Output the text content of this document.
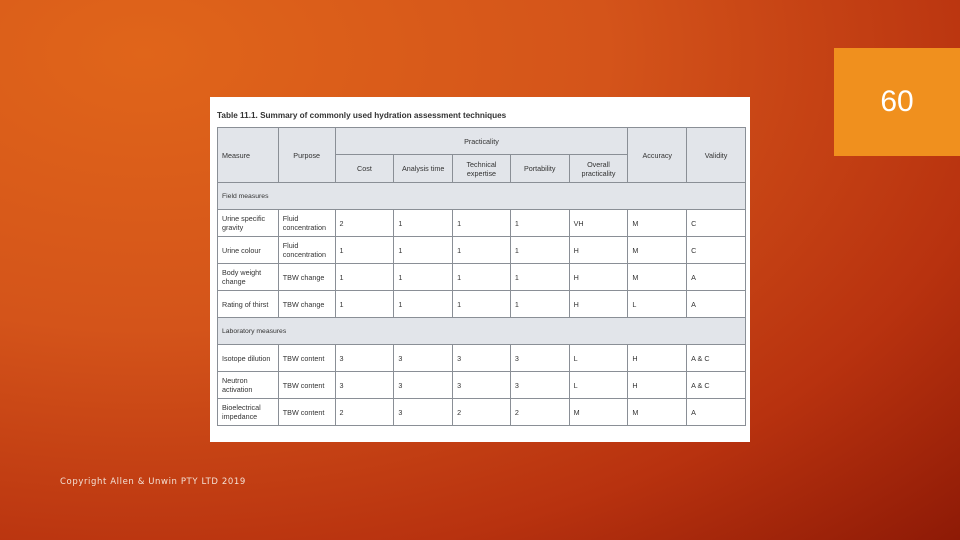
60
Table 11.1. Summary of commonly used hydration assessment techniques
Measure	Purpose	Practicality					Accuracy	Validity
		Cost	Analysis time	Technical expertise	Portability	Overall practicality		
Field measures								
Urine specific gravity	Fluid concentration	2	1	1	1	VH	M	C
Urine colour	Fluid concentration	1	1	1	1	H	M	C
Body weight change	TBW change	1	1	1	1	H	M	A
Rating of thirst	TBW change	1	1	1	1	H	L	A
Laboratory measures								
Isotope dilution	TBW content	3	3	3	3	L	H	A & C
Neutron activation	TBW content	3	3	3	3	L	H	A & C
Bioelectrical impedance	TBW content	2	3	2	2	M	M	A
Copyright Allen & Unwin PTY LTD 2019
